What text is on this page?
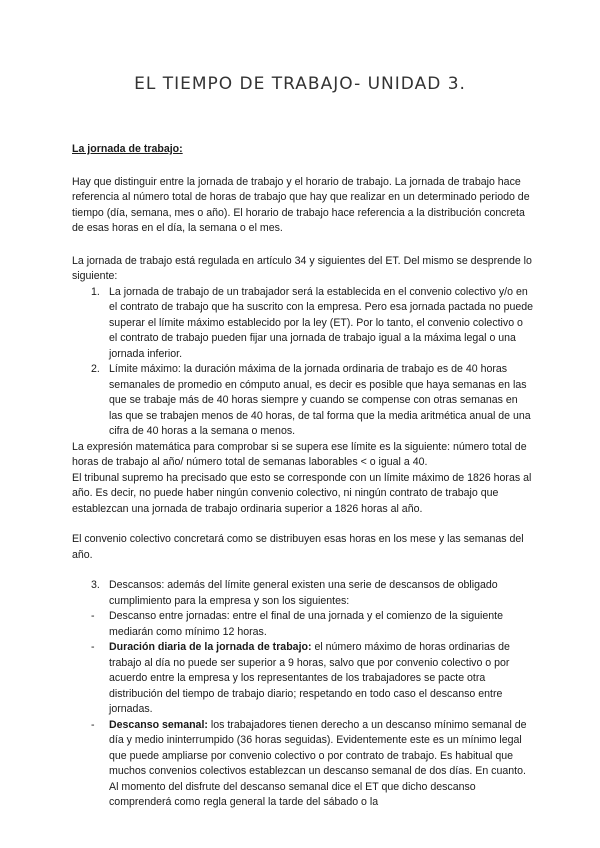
EL TIEMPO DE TRABAJO- UNIDAD 3.

La jornada de trabajo:

Hay que distinguir entre la jornada de trabajo y el horario de trabajo. La jornada de trabajo hace referencia al número total de horas de trabajo que hay que realizar en un determinado periodo de tiempo (día, semana, mes o año). El horario de trabajo hace referencia a la distribución concreta de esas horas en el día, la semana o el mes.

La jornada de trabajo está regulada en artículo 34 y siguientes del ET. Del mismo se desprende lo siguiente:

1. La jornada de trabajo de un trabajador será la establecida en el convenio colectivo y/o en el contrato de trabajo que ha suscrito con la empresa. Pero esa jornada pactada no puede superar el límite máximo establecido por la ley (ET). Por lo tanto, el convenio colectivo o el contrato de trabajo pueden fijar una jornada de trabajo igual a la máxima legal o una jornada inferior.
2. Límite máximo: la duración máxima de la jornada ordinaria de trabajo es de 40 horas semanales de promedio en cómputo anual, es decir es posible que haya semanas en las que se trabaje más de 40 horas siempre y cuando se compense con otras semanas en las que se trabajen menos de 40 horas, de tal forma que la media aritmética anual de una cifra de 40 horas a la semana o menos.

La expresión matemática para comprobar si se supera ese límite es la siguiente: número total de horas de trabajo al año/ número total de semanas laborables < o igual a 40.

El tribunal supremo ha precisado que esto se corresponde con un límite máximo de 1826 horas al año. Es decir, no puede haber ningún convenio colectivo, ni ningún contrato de trabajo que establezcan una jornada de trabajo ordinaria superior a 1826 horas al año.

El convenio colectivo concretará como se distribuyen esas horas en los mese y las semanas del año.

3. Descansos: además del límite general existen una serie de descansos de obligado cumplimiento para la empresa y son los siguientes:
- Descanso entre jornadas: entre el final de una jornada y el comienzo de la siguiente mediarán como mínimo 12 horas.
- Duración diaria de la jornada de trabajo: el número máximo de horas ordinarias de trabajo al día no puede ser superior a 9 horas, salvo que por convenio colectivo o por acuerdo entre la empresa y los representantes de los trabajadores se pacte otra distribución del tiempo de trabajo diario; respetando en todo caso el descanso entre jornadas.
- Descanso semanal: los trabajadores tienen derecho a un descanso mínimo semanal de día y medio ininterrumpido (36 horas seguidas). Evidentemente este es un mínimo legal que puede ampliarse por convenio colectivo o por contrato de trabajo. Es habitual que muchos convenios colectivos establezcan un descanso semanal de dos días. En cuanto. Al momento del disfrute del descanso semanal dice el ET que dicho descanso comprenderá como regla general la tarde del sábado o la
